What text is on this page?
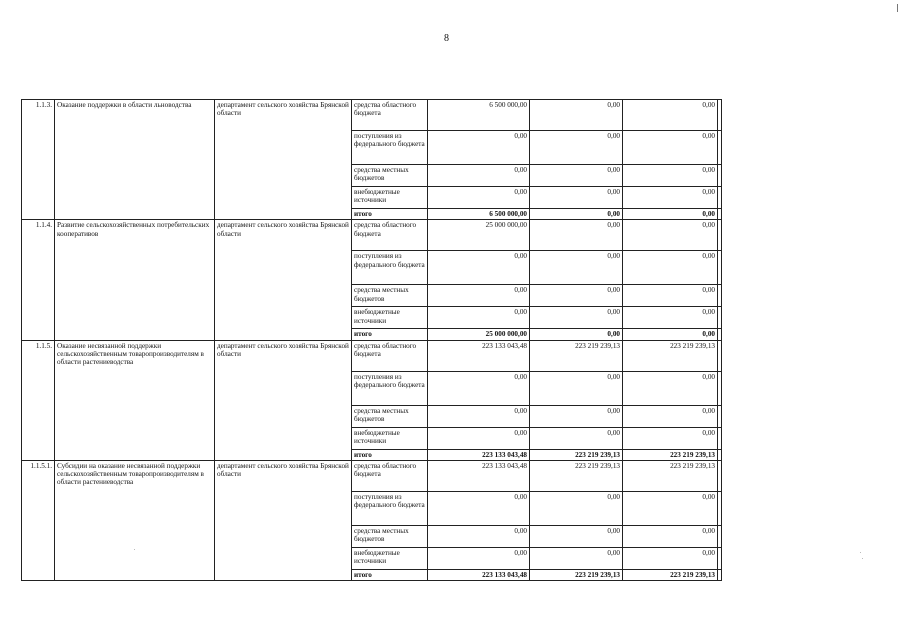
8
1.1.3.	Оказание поддержки в области льноводства	департамент сельского хозяйства Брянской области	средства областного бюджета	6 500 000,00	0,00	0,00	
			поступления из федерального бюджета	0,00	0,00	0,00	
			средства местных бюджетов	0,00	0,00	0,00	
			внебюджетные источники	0,00	0,00	0,00	
			итого	6 500 000,00	0,00	0,00	
1.1.4.	Развитие сельскохозяйственных потребительских кооперативов	департамент сельского хозяйства Брянской области	средства областного бюджета	25 000 000,00	0,00	0,00	
			поступления из федерального бюджета	0,00	0,00	0,00	
			средства местных бюджетов	0,00	0,00	0,00	
			внебюджетные источники	0,00	0,00	0,00	
			итого	25 000 000,00	0,00	0,00	
1.1.5.	Оказание несвязанной поддержки сельскохозяйственным товаропроизводителям в области растениеводства	департамент сельского хозяйства Брянской области	средства областного бюджета	223 133 043,48	223 219 239,13	223 219 239,13	
			поступления из федерального бюджета	0,00	0,00	0,00	
			средства местных бюджетов	0,00	0,00	0,00	
			внебюджетные источники	0,00	0,00	0,00	
			итого	223 133 043,48	223 219 239,13	223 219 239,13	
1.1.5.1.	Субсидии на оказание несвязанной поддержки сельскохозяйственным товаропроизводителям в области растениеводства	департамент сельского хозяйства Брянской области	средства областного бюджета	223 133 043,48	223 219 239,13	223 219 239,13	
			поступления из федерального бюджета	0,00	0,00	0,00	
			средства местных бюджетов	0,00	0,00	0,00	
			внебюджетные источники	0,00	0,00	0,00	
			итого	223 133 043,48	223 219 239,13	223 219 239,13	
